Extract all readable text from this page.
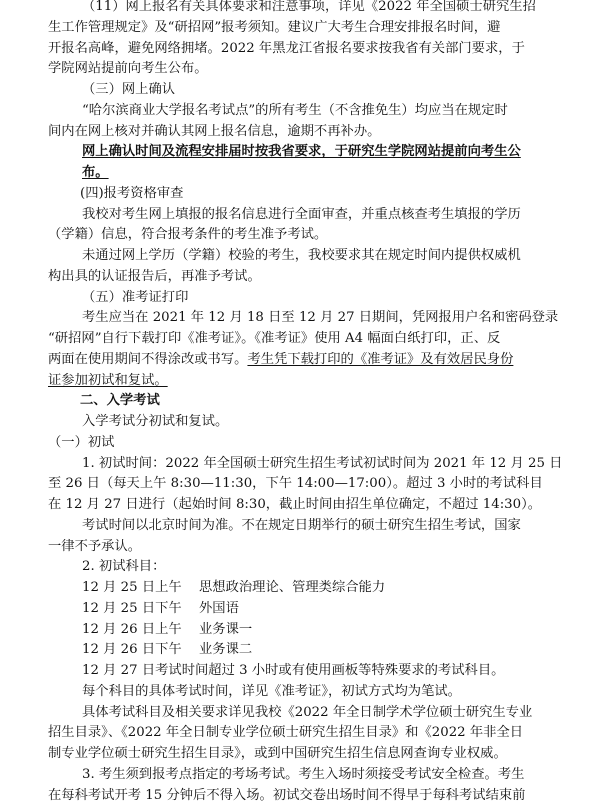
（11）网上报名有关具体要求和注意事项，详见《2022 年全国硕士研究生招
生工作管理规定》及“研招网”报考须知。建议广大考生合理安排报名时间，避
开报名高峰，避免网络拥堵。2022 年黑龙江省报名要求按我省有关部门要求，于
学院网站提前向考生公布。
（三）网上确认
“哈尔滨商业大学报名考试点”的所有考生（不含推免生）均应当在规定时
间内在网上核对并确认其网上报名信息，逾期不再补办。
网上确认时间及流程安排届时按我省要求，于研究生学院网站提前向考生公
布。
(四)报考资格审查
我校对考生网上填报的报名信息进行全面审查，并重点核查考生填报的学历
（学籍）信息，符合报考条件的考生准予考试。
未通过网上学历（学籍）校验的考生，我校要求其在规定时间内提供权威机
构出具的认证报告后，再准予考试。
（五）准考证打印
考生应当在 2021 年 12 月 18 日至 12 月 27 日期间，凭网报用户名和密码登录
“研招网”自行下载打印《准考证》。《准考证》使用 A4 幅面白纸打印，正、反
两面在使用期间不得涂改或书写。考生凭下载打印的《准考证》及有效居民身份
证参加初试和复试。
二、入学考试
入学考试分初试和复试。
（一）初试
1. 初试时间：2022 年全国硕士研究生招生考试初试时间为 2021 年 12 月 25 日
至 26 日（每天上午 8:30—11:30，下午 14:00—17:00）。超过 3 小时的考试科目
在 12 月 27 日进行（起始时间 8:30，截止时间由招生单位确定，不超过 14:30）。
考试时间以北京时间为准。不在规定日期举行的硕士研究生招生考试，国家
一律不予承认。
2. 初试科目：
12 月 25 日上午 思想政治理论、管理类综合能力
12 月 25 日下午 外国语
12 月 26 日上午 业务课一
12 月 26 日下午 业务课二
12 月 27 日考试时间超过 3 小时或有使用画板等特殊要求的考试科目。
每个科目的具体考试时间，详见《准考证》，初试方式均为笔试。
具体考试科目及相关要求详见我校《2022 年全日制学术学位硕士研究生专业
招生目录》、《2022 年全日制专业学位硕士研究生招生目录》和《2022 年非全日
制专业学位硕士研究生招生目录》，或到中国研究生招生信息网查询专业权威。
3. 考生须到报考点指定的考场考试。考生入场时须接受考试安全检查。考生
在每科考试开考 15 分钟后不得入场。初试交卷出场时间不得早于每科考试结束前
